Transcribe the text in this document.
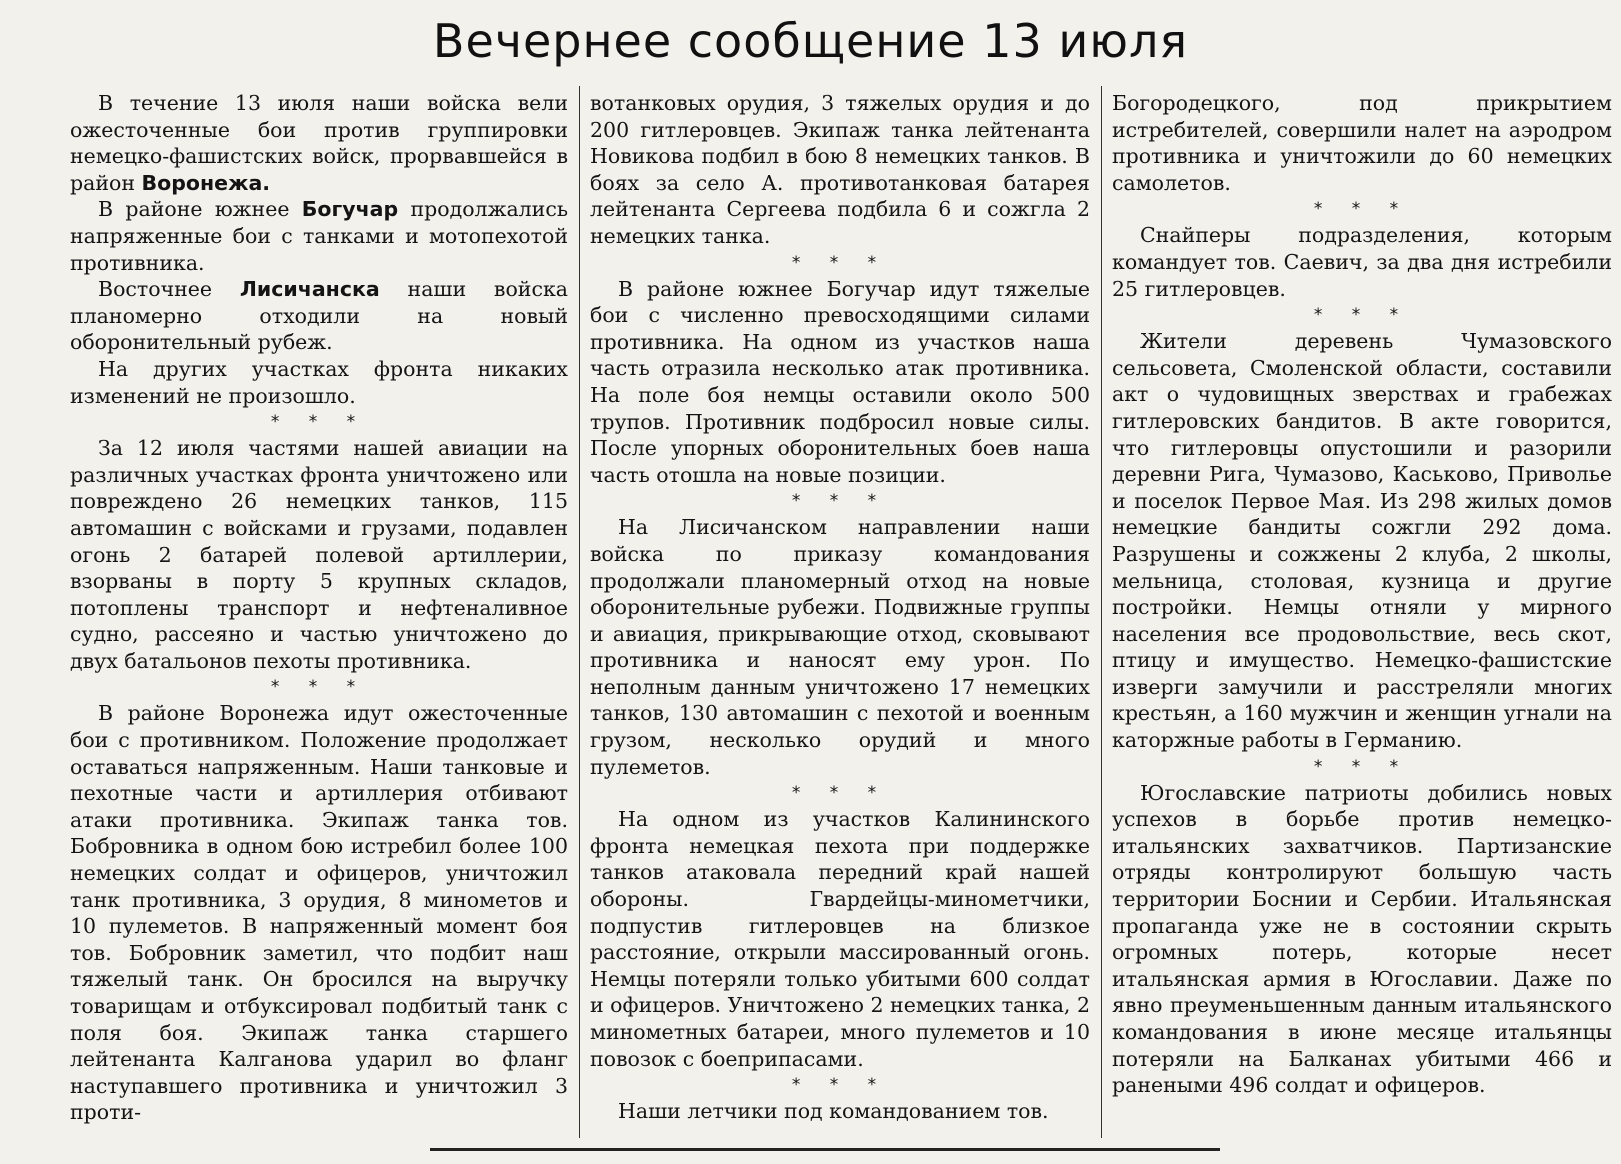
Вечернее сообщение 13 июля

В течение 13 июля наши войска вели ожесточенные бои против группировки немецко-фашистских войск, прорвавшейся в район Воронежа.

В районе южнее Богучар продолжались напряженные бои с танками и мотопехотой противника.

Восточнее Лисичанска наши войска планомерно отходили на новый оборонительный рубеж.

На других участках фронта никаких изменений не произошло.

* * *

За 12 июля частями нашей авиации на различных участках фронта уничтожено или повреждено 26 немецких танков, 115 автомашин с войсками и грузами, подавлен огонь 2 батарей полевой артиллерии, взорваны в порту 5 крупных складов, потоплены транспорт и нефтеналивное судно, рассеяно и частью уничтожено до двух батальонов пехоты противника.

* * *

В районе Воронежа идут ожесточенные бои с противником. Положение продолжает оставаться напряженным. Наши танковые и пехотные части и артиллерия отбивают атаки противника. Экипаж танка тов. Бобровника в одном бою истребил более 100 немецких солдат и офицеров, уничтожил танк противника, 3 орудия, 8 минометов и 10 пулеметов. В напряженный момент боя тов. Бобровник заметил, что подбит наш тяжелый танк. Он бросился на выручку товарищам и отбуксировал подбитый танк с поля боя. Экипаж танка старшего лейтенанта Калганова ударил во фланг наступавшего противника и уничтожил 3 проти-

вотанковых орудия, 3 тяжелых орудия и до 200 гитлеровцев. Экипаж танка лейтенанта Новикова подбил в бою 8 немецких танков. В боях за село А. противотанковая батарея лейтенанта Сергеева подбила 6 и сожгла 2 немецких танка.

* * *

В районе южнее Богучар идут тяжелые бои с численно превосходящими силами противника. На одном из участков наша часть отразила несколько атак противника. На поле боя немцы оставили около 500 трупов. Противник подбросил новые силы. После упорных оборонительных боев наша часть отошла на новые позиции.

* * *

На Лисичанском направлении наши войска по приказу командования продолжали планомерный отход на новые оборонительные рубежи. Подвижные группы и авиация, прикрывающие отход, сковывают противника и наносят ему урон. По неполным данным уничтожено 17 немецких танков, 130 автомашин с пехотой и военным грузом, несколько орудий и много пулеметов.

* * *

На одном из участков Калининского фронта немецкая пехота при поддержке танков атаковала передний край нашей обороны. Гвардейцы-минометчики, подпустив гитлеровцев на близкое расстояние, открыли массированный огонь. Немцы потеряли только убитыми 600 солдат и офицеров. Уничтожено 2 немецких танка, 2 минометных батареи, много пулеметов и 10 повозок с боеприпасами.

* * *

Наши летчики под командованием тов.

Богородецкого, под прикрытием истребителей, совершили налет на аэродром противника и уничтожили до 60 немецких самолетов.

* * *

Снайперы подразделения, которым командует тов. Саевич, за два дня истребили 25 гитлеровцев.

* * *

Жители деревень Чумазовского сельсовета, Смоленской области, составили акт о чудовищных зверствах и грабежах гитлеровских бандитов. В акте говорится, что гитлеровцы опустошили и разорили деревни Рига, Чумазово, Каськово, Приволье и поселок Первое Мая. Из 298 жилых домов немецкие бандиты сожгли 292 дома. Разрушены и сожжены 2 клуба, 2 школы, мельница, столовая, кузница и другие постройки. Немцы отняли у мирного населения все продовольствие, весь скот, птицу и имущество. Немецко-фашистские изверги замучили и расстреляли многих крестьян, а 160 мужчин и женщин угнали на каторжные работы в Германию.

* * *

Югославские патриоты добились новых успехов в борьбе против немецко-итальянских захватчиков. Партизанские отряды контролируют большую часть территории Боснии и Сербии. Итальянская пропаганда уже не в состоянии скрыть огромных потерь, которые несет итальянская армия в Югославии. Даже по явно преуменьшенным данным итальянского командования в июне месяце итальянцы потеряли на Балканах убитыми 466 и ранеными 496 солдат и офицеров.
